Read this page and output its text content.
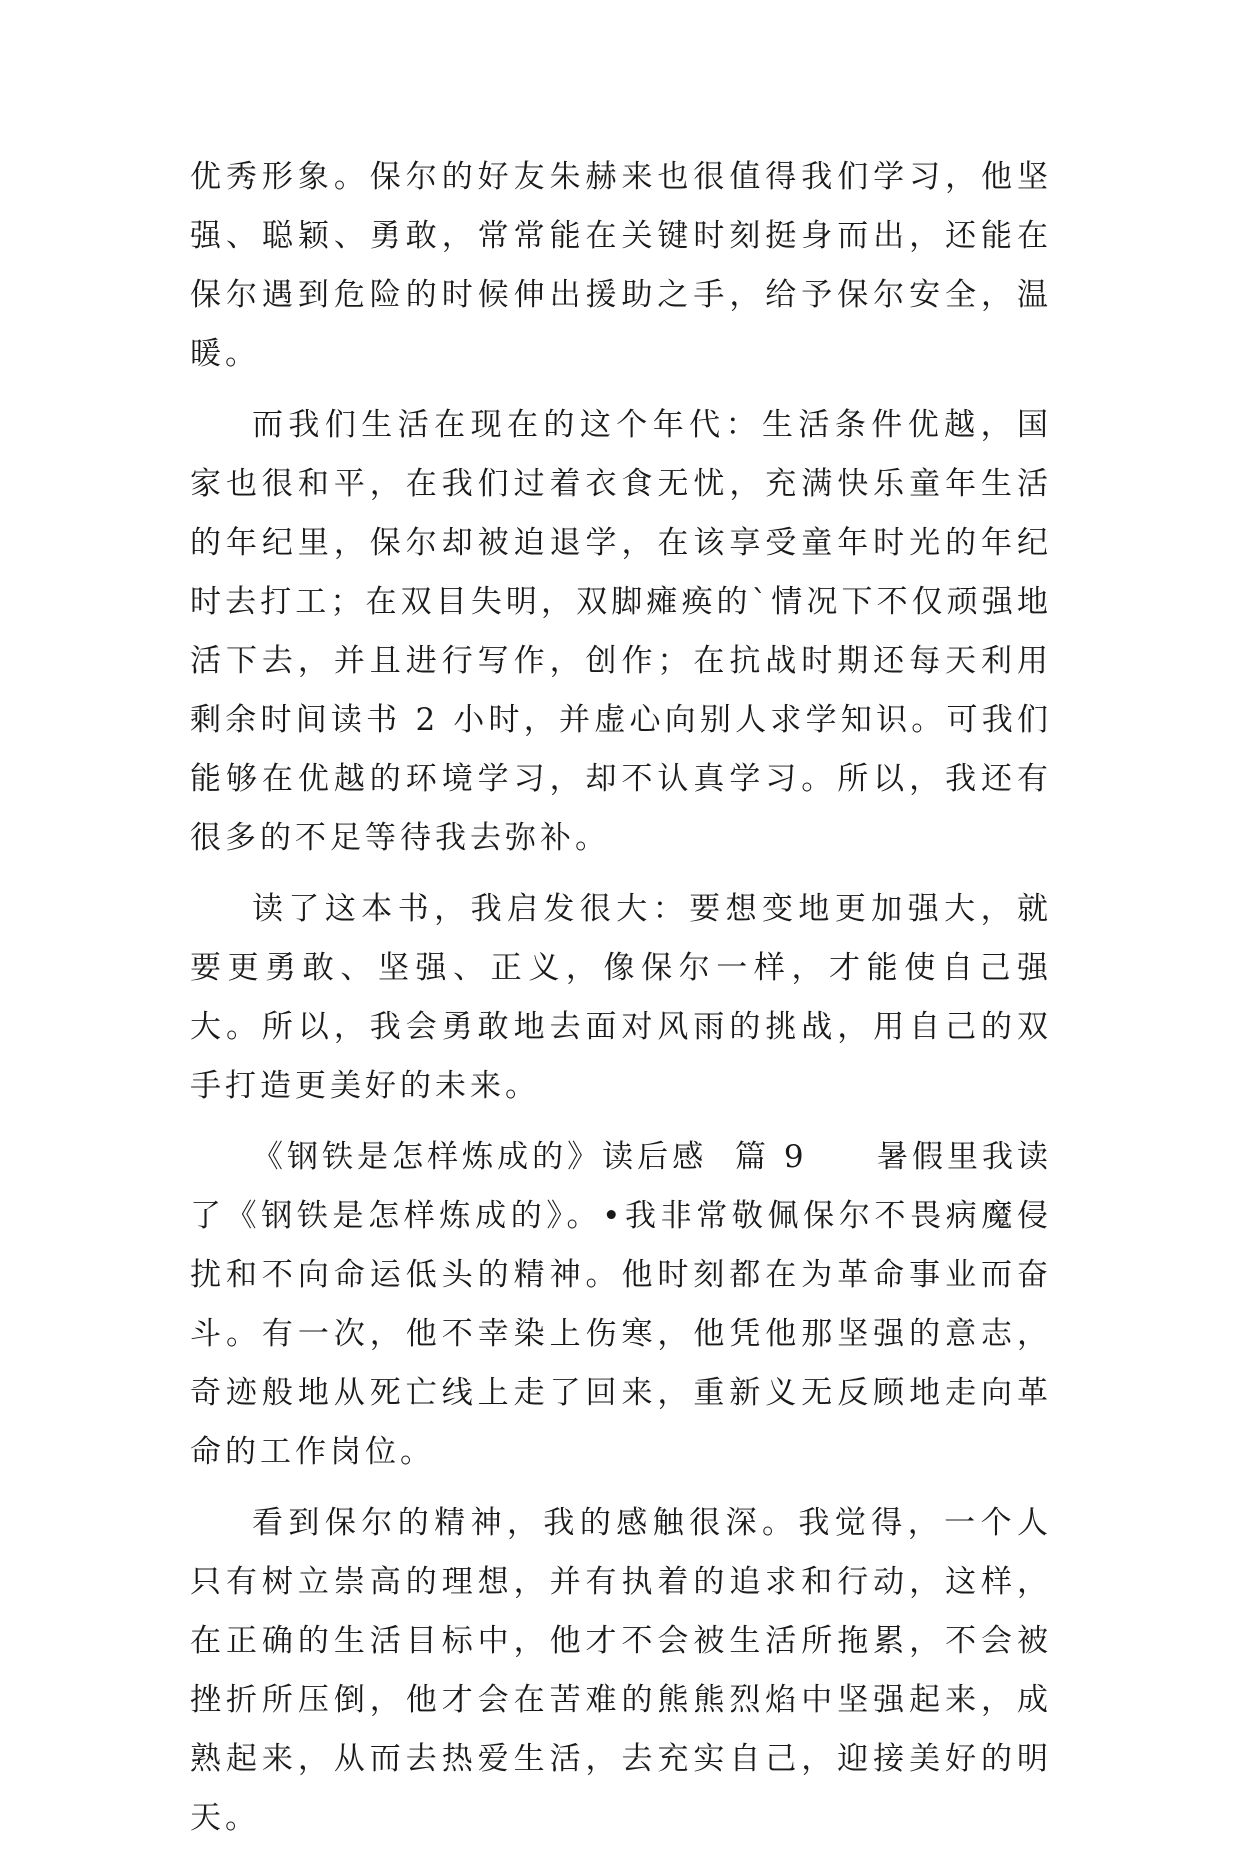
优秀形象。保尔的好友朱赫来也很值得我们学习，他坚强、聪颖、勇敢，常常能在关键时刻挺身而出，还能在保尔遇到危险的时候伸出援助之手，给予保尔安全，温暖。

而我们生活在现在的这个年代：生活条件优越，国家也很和平，在我们过着衣食无忧，充满快乐童年生活的年纪里，保尔却被迫退学，在该享受童年时光的年纪时去打工；在双目失明，双脚瘫痪的`情况下不仅顽强地活下去，并且进行写作，创作；在抗战时期还每天利用剩余时间读书 2 小时，并虚心向别人求学知识。可我们能够在优越的环境学习，却不认真学习。所以，我还有很多的不足等待我去弥补。

读了这本书，我启发很大：要想变地更加强大，就要更勇敢、坚强、正义，像保尔一样，才能使自己强大。所以，我会勇敢地去面对风雨的挑战，用自己的双手打造更美好的未来。

《钢铁是怎样炼成的》读后感  篇 9     暑假里我读了《钢铁是怎样炼成的》。•我非常敬佩保尔不畏病魔侵扰和不向命运低头的精神。他时刻都在为革命事业而奋斗。有一次，他不幸染上伤寒，他凭他那坚强的意志，奇迹般地从死亡线上走了回来，重新义无反顾地走向革命的工作岗位。

看到保尔的精神，我的感触很深。我觉得，一个人只有树立崇高的理想，并有执着的追求和行动，这样，在正确的生活目标中，他才不会被生活所拖累，不会被挫折所压倒，他才会在苦难的熊熊烈焰中坚强起来，成熟起来，从而去热爱生活，去充实自己，迎接美好的明天。
